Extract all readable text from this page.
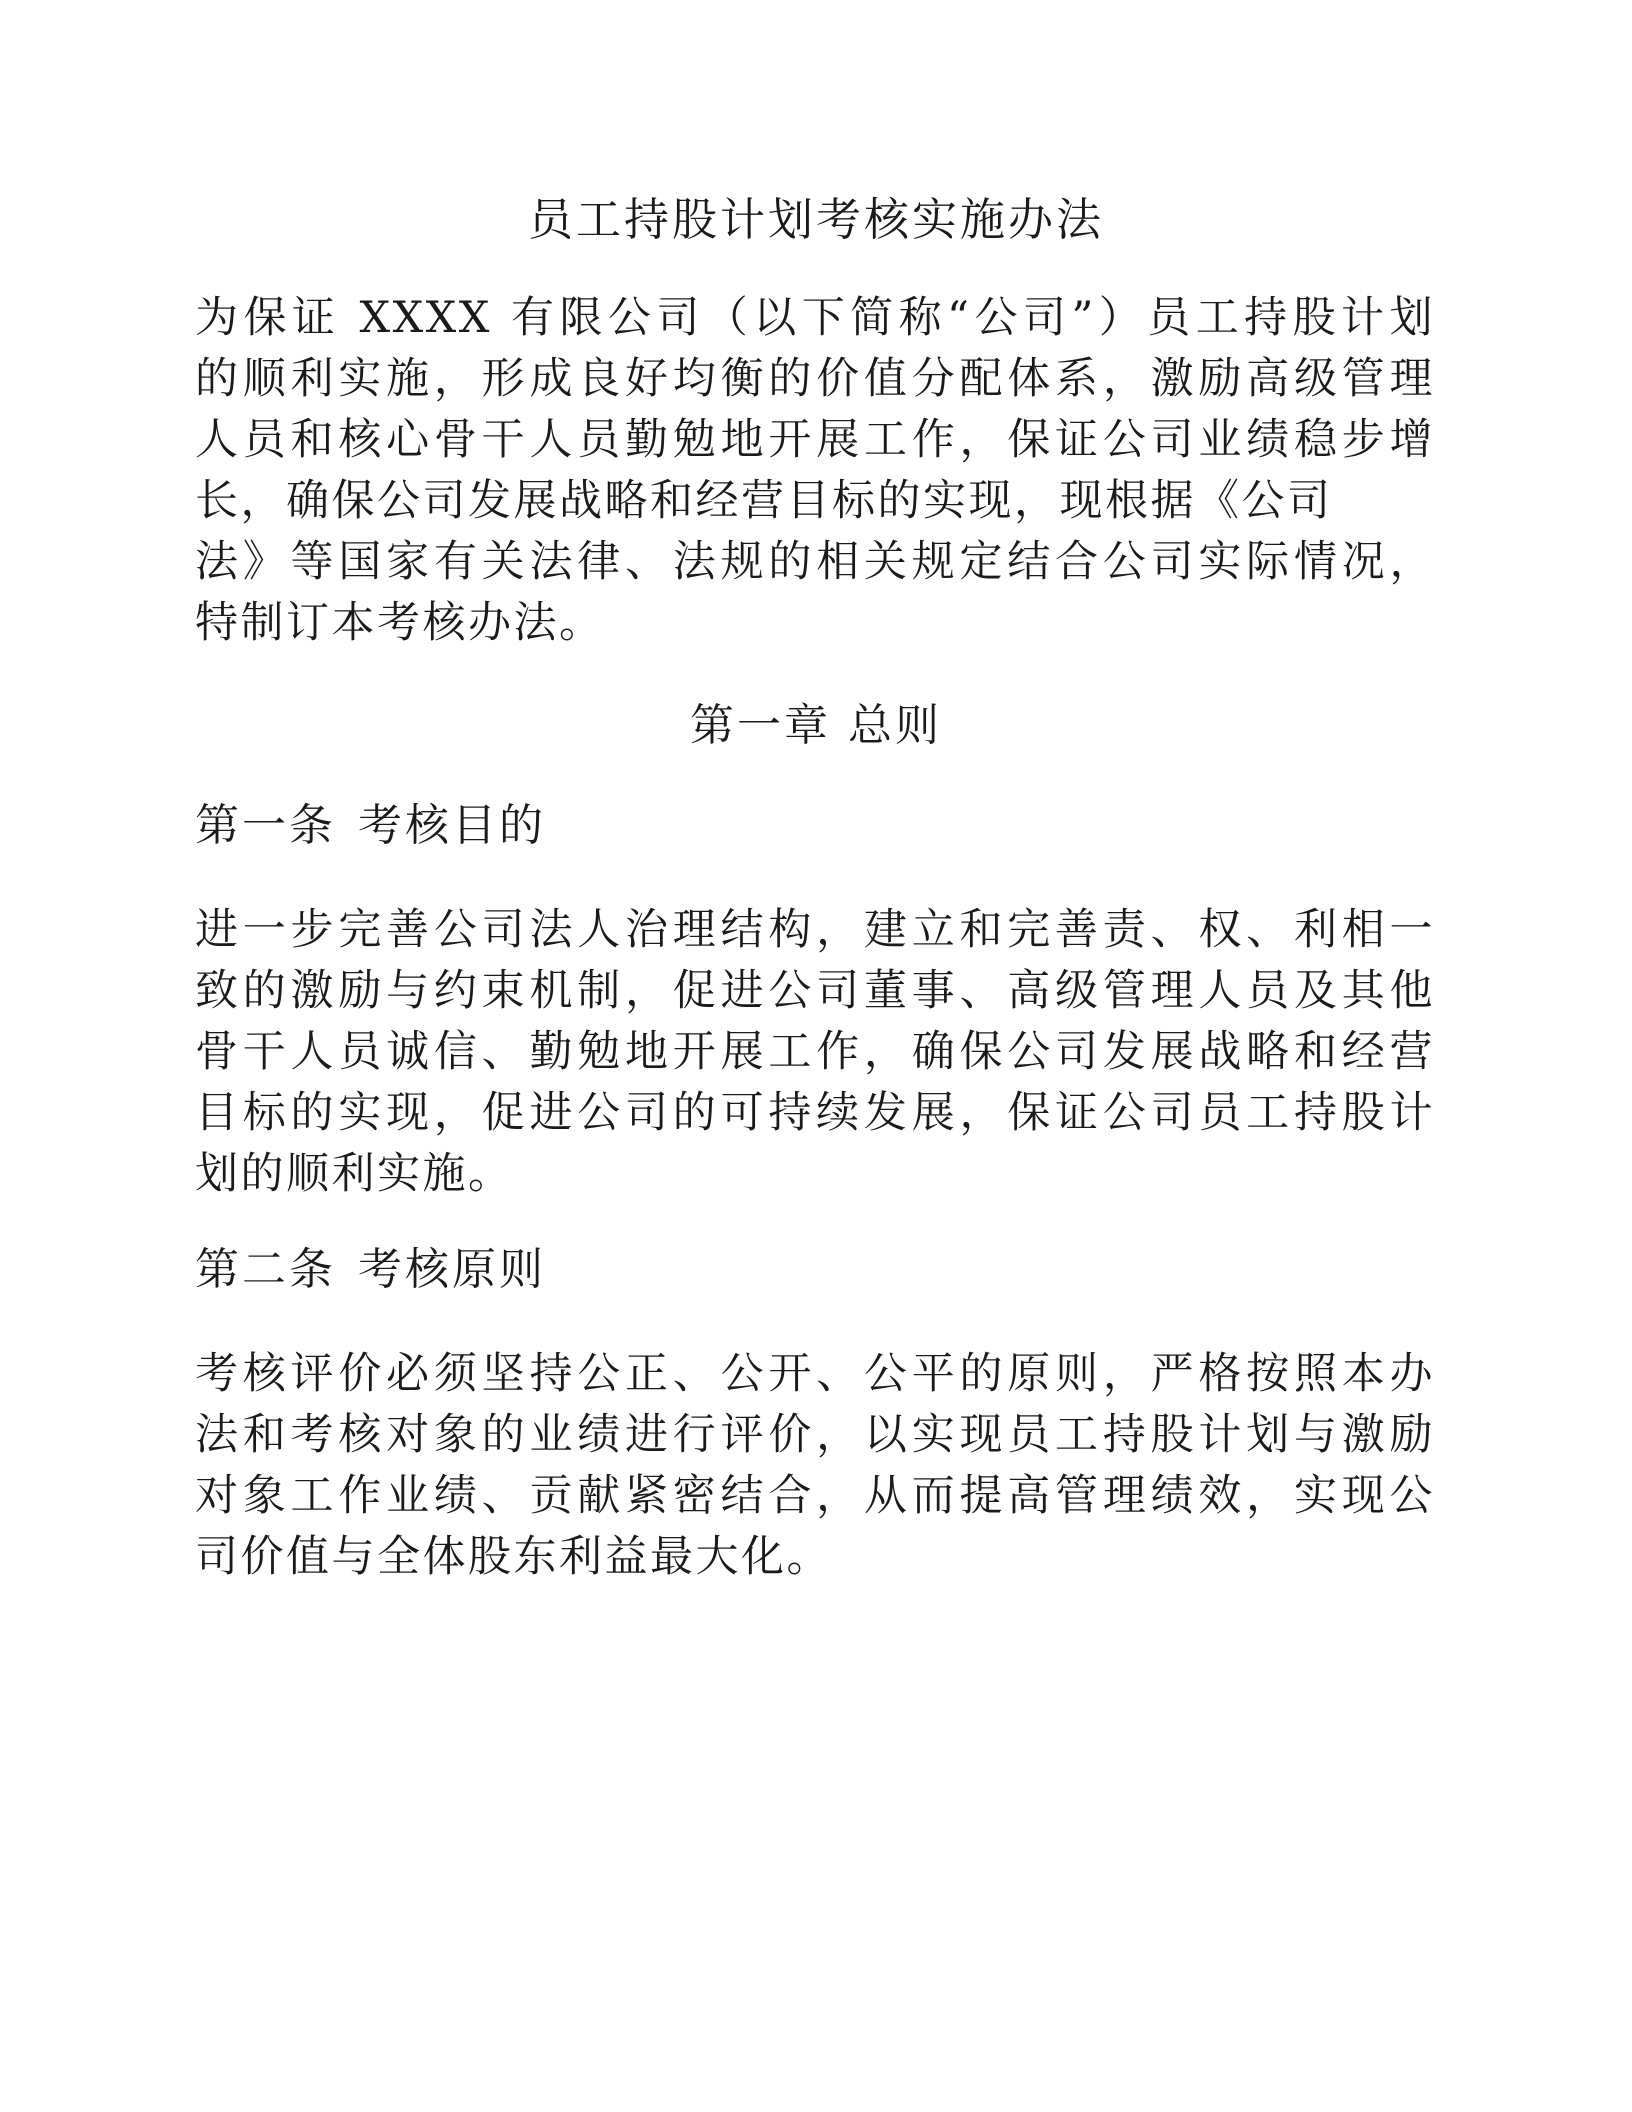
员工持股计划考核实施办法

为保证 XXXX 有限公司（以下简称“公司”）员工持股计划
的顺利实施，形成良好均衡的价值分配体系，激励高级管理
人员和核心骨干人员勤勉地开展工作，保证公司业绩稳步增
长，确保公司发展战略和经营目标的实现，现根据《公司
法》等国家有关法律、法规的相关规定结合公司实际情况，
特制订本考核办法。

第一章 总则
第一条 考核目的

进一步完善公司法人治理结构，建立和完善责、权、利相一
致的激励与约束机制，促进公司董事、高级管理人员及其他
骨干人员诚信、勤勉地开展工作，确保公司发展战略和经营
目标的实现，促进公司的可持续发展，保证公司员工持股计
划的顺利实施。

第二条 考核原则

考核评价必须坚持公正、公开、公平的原则，严格按照本办
法和考核对象的业绩进行评价，以实现员工持股计划与激励
对象工作业绩、贡献紧密结合，从而提高管理绩效，实现公
司价值与全体股东利益最大化。
